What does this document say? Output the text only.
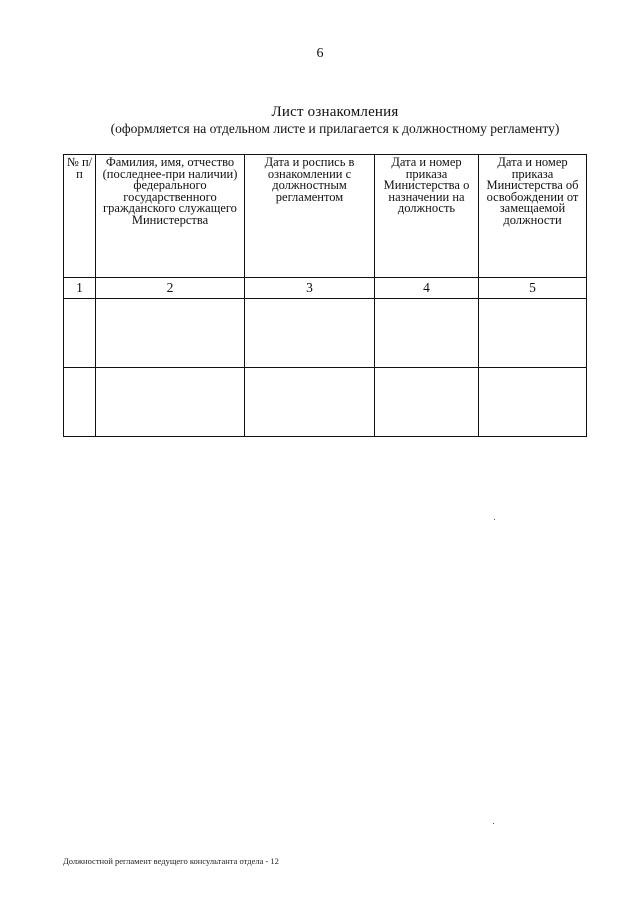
6
Лист ознакомления
(оформляется на отдельном листе и прилагается к должностному регламенту)
№ п/п	Фамилия, имя, отчество (последнее-при наличии) федерального государственного гражданского служащего Министерства	Дата и роспись в ознакомлении с должностным регламентом	Дата и номер приказа Министерства о назначении на должность	Дата и номер приказа Министерства об освобождении от замещаемой должности

1	2	3	4	5

Должностной регламент ведущего консультанта отдела - 12
